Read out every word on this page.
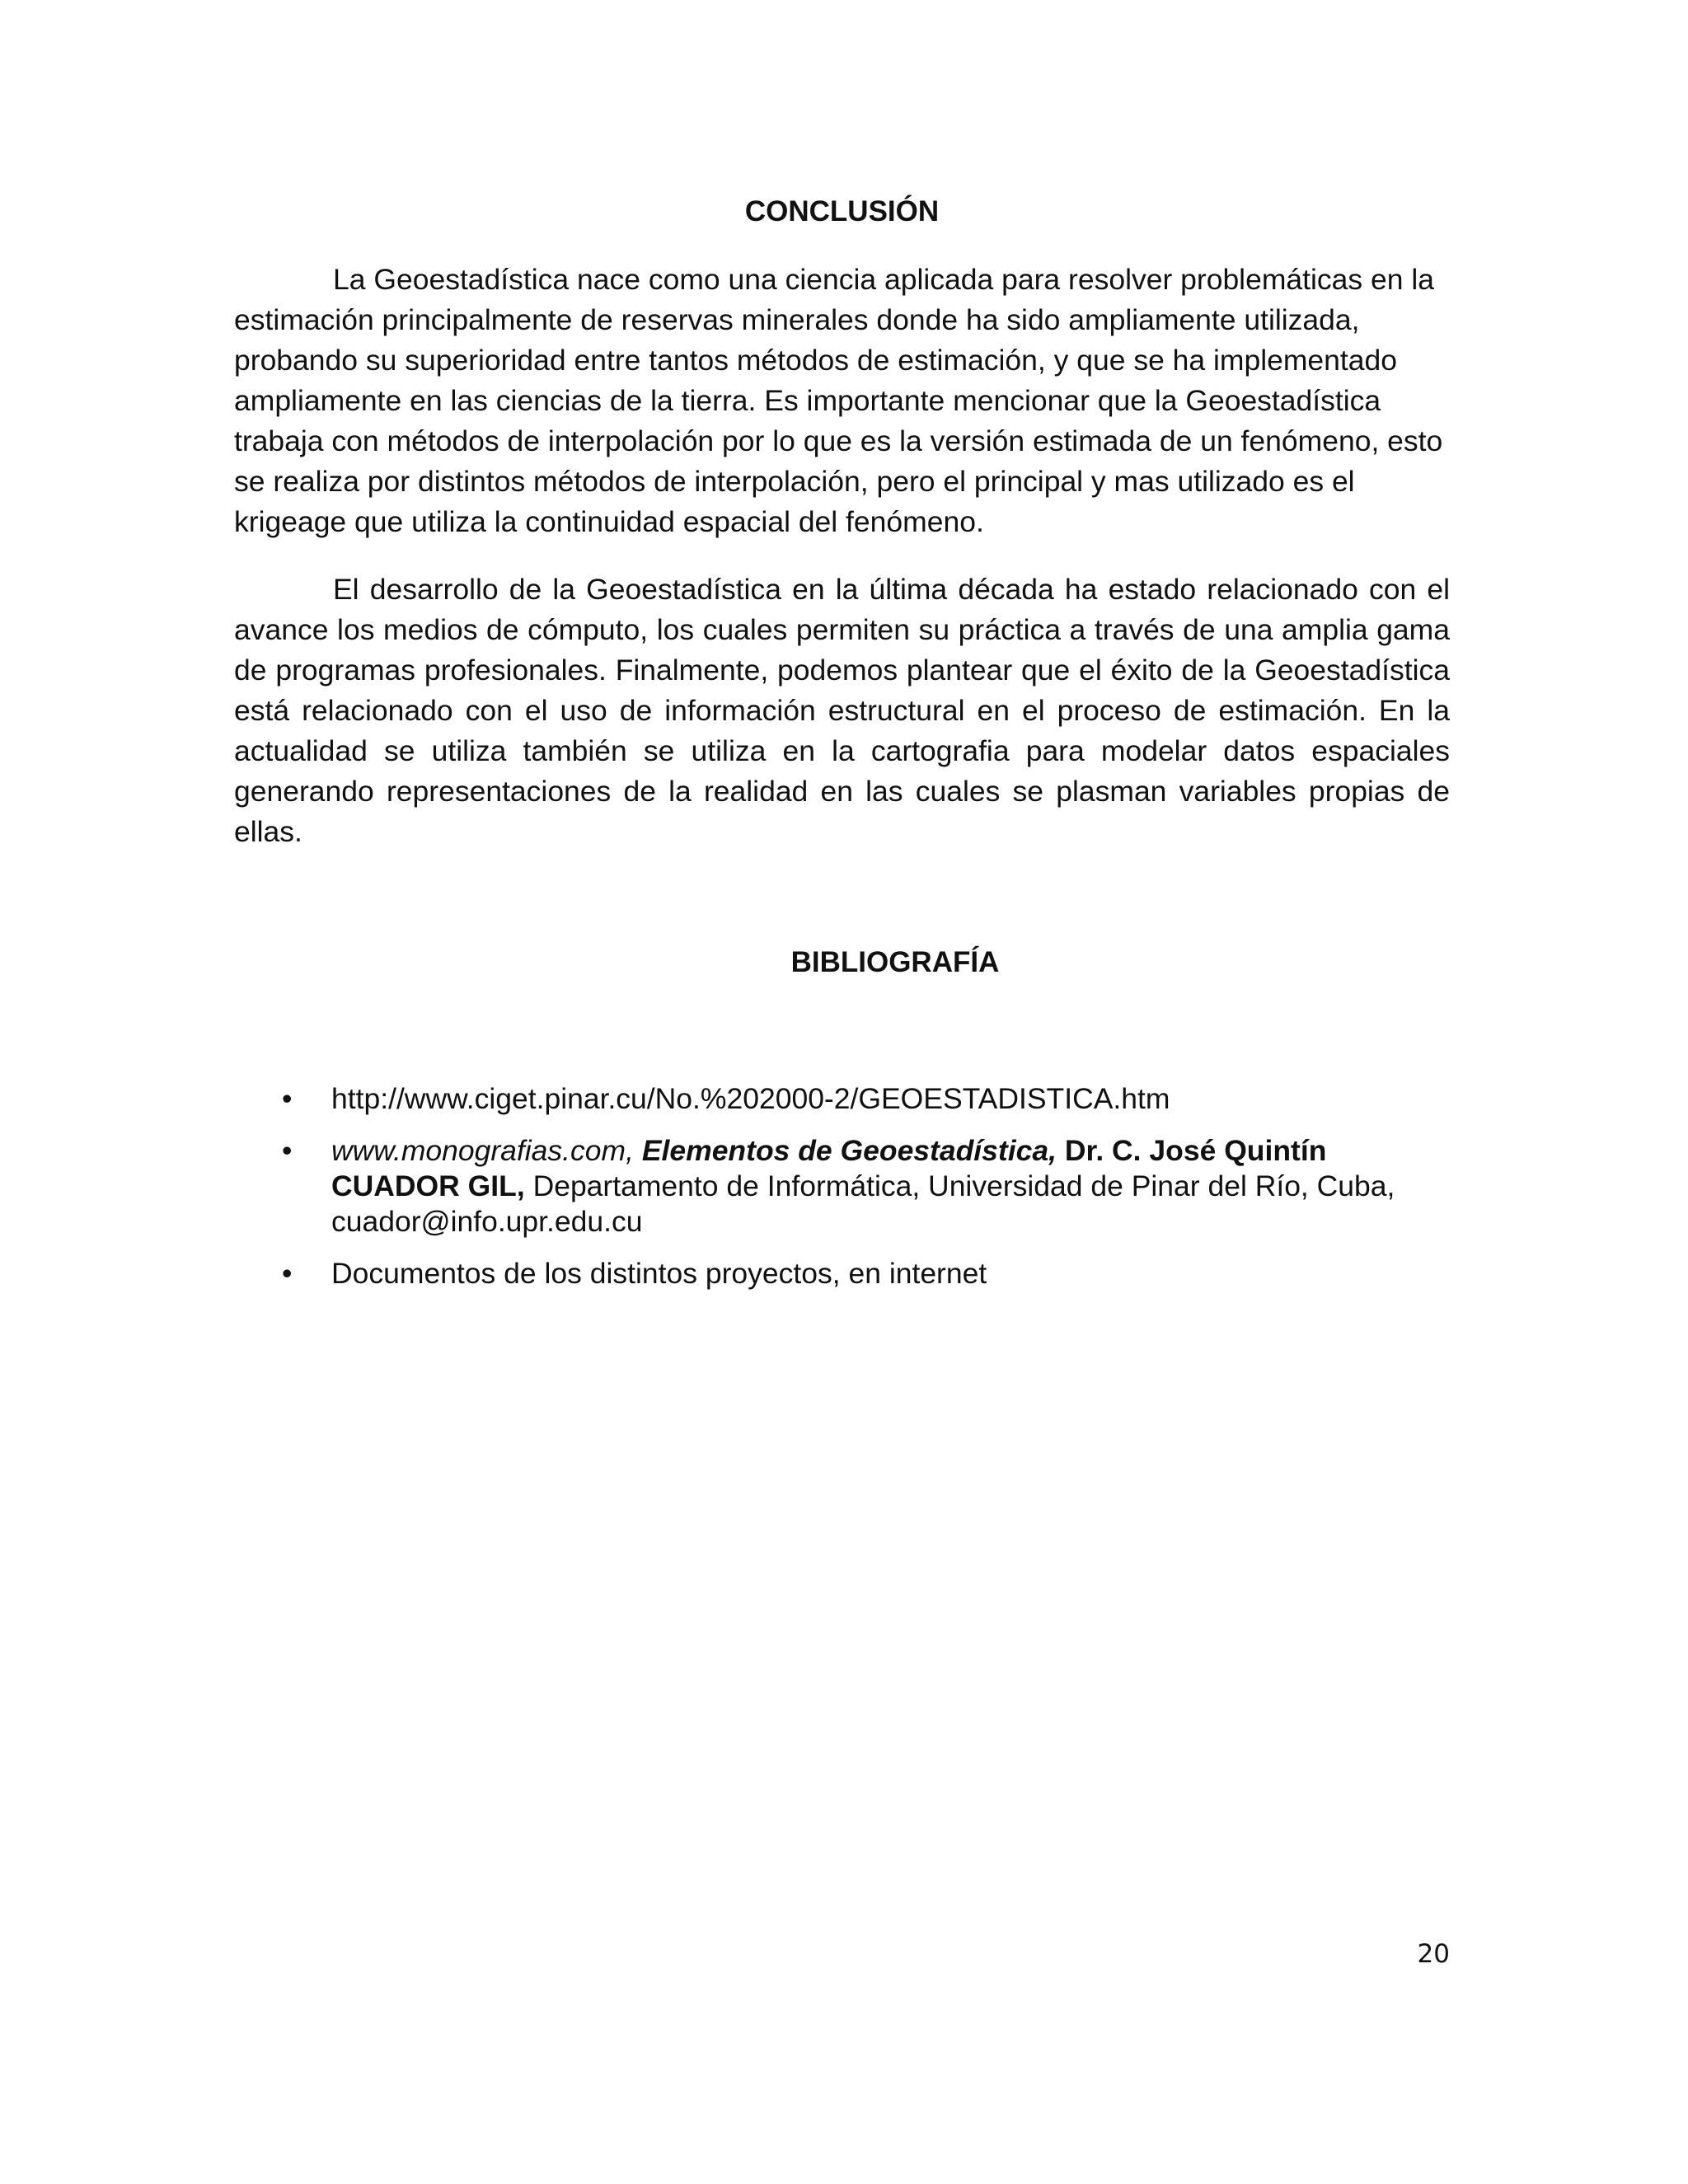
CONCLUSIÓN

La Geoestadística nace como una ciencia aplicada para resolver problemáticas en la estimación principalmente de reservas minerales donde ha sido ampliamente utilizada, probando su superioridad entre tantos métodos de estimación, y que se ha implementado ampliamente en las ciencias de la tierra. Es importante mencionar que la Geoestadística trabaja con métodos de interpolación por lo que es la versión estimada de un fenómeno, esto se realiza por distintos métodos de interpolación, pero el principal y mas utilizado es el krigeage que utiliza la continuidad espacial del fenómeno.

El desarrollo de la Geoestadística en la última década ha estado relacionado con el avance los medios de cómputo, los cuales permiten su práctica a través de una amplia gama de programas profesionales. Finalmente, podemos plantear que el éxito de la Geoestadística está relacionado con el uso de información estructural en el proceso de estimación. En la actualidad se utiliza también se utiliza en la cartografia para modelar datos espaciales generando representaciones de la realidad en las cuales se plasman variables propias de ellas.

BIBLIOGRAFÍA
• http://www.ciget.pinar.cu/No.%202000-2/GEOESTADISTICA.htm
• www.monografias.com, Elementos de Geoestadística, Dr. C. José Quintín CUADOR GIL, Departamento de Informática, Universidad de Pinar del Río, Cuba, cuador@info.upr.edu.cu
• Documentos de los distintos proyectos, en internet
20
